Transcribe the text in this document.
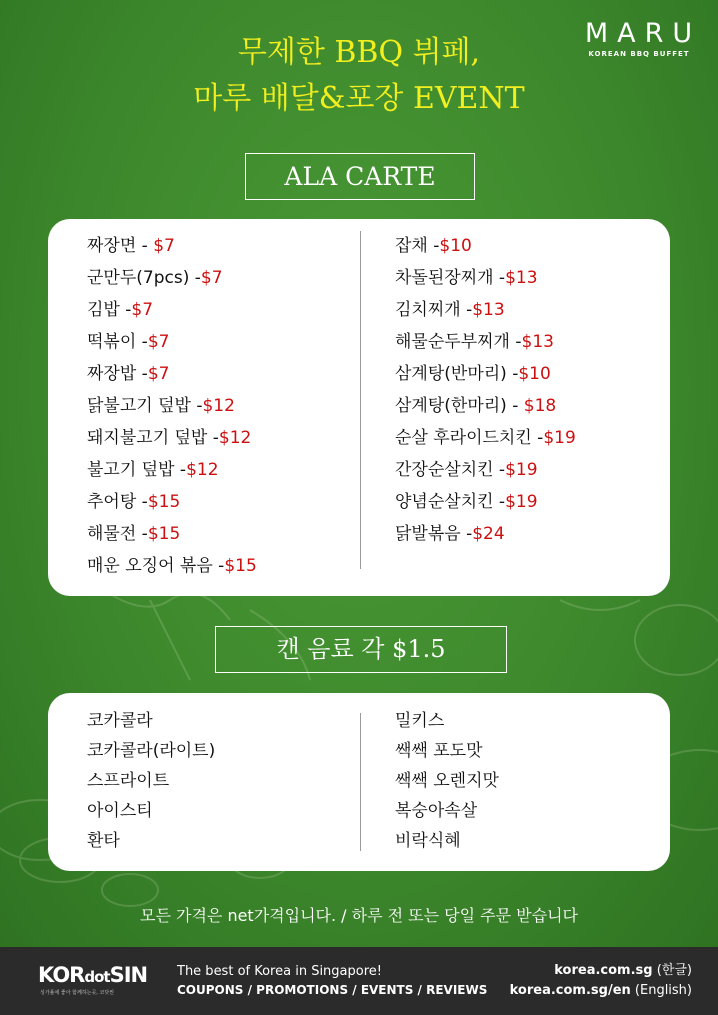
MARU
KOREAN BBQ BUFFET
무제한 BBQ 뷔페,
마루 배달&포장 EVENT
ALA CARTE
짜장면 - $7
군만두(7pcs) -$7
김밥 -$7
떡볶이 -$7
짜장밥 -$7
닭불고기 덮밥 -$12
돼지불고기 덮밥 -$12
불고기 덮밥 -$12
추어탕 -$15
해물전 -$15
매운 오징어 볶음 -$15
잡채 -$10
차돌된장찌개 -$13
김치찌개 -$13
해물순두부찌개 -$13
삼계탕(반마리) -$10
삼계탕(한마리) - $18
순살 후라이드치킨 -$19
간장순살치킨 -$19
양념순살치킨 -$19
닭발볶음 -$24
캔 음료 각 $1.5
코카콜라
코카콜라(라이트)
스프라이트
아이스티
환타
밀키스
쌕쌕 포도맛
쌕쌕 오렌지맛
복숭아속살
비락식혜
모든 가격은 net가격입니다. / 하루 전 또는 당일 주문 받습니다
KORdotSIN
싱가폴에 좋아 함께하는곳, 코닷씬
The best of Korea in Singapore!
COUPONS / PROMOTIONS / EVENTS / REVIEWS
korea.com.sg (한글)
korea.com.sg/en (English)
